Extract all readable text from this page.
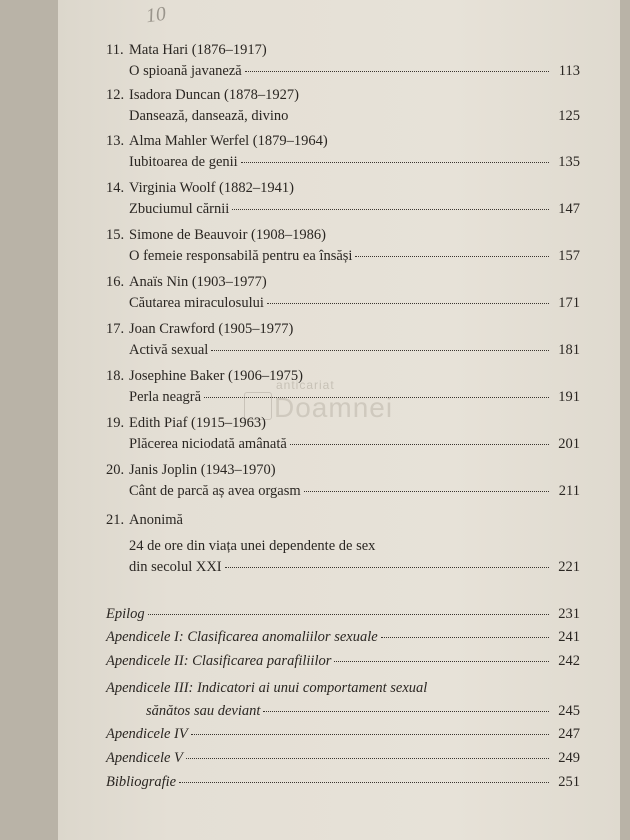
10
anticariat
Doamnei
11. Mata Hari (1876–1917)
O spioană javaneză	113
12. Isadora Duncan (1878–1927)
Dansează, dansează, divino	125
13. Alma Mahler Werfel (1879–1964)
Iubitoarea de genii	135
14. Virginia Woolf (1882–1941)
Zbuciumul cărnii	147
15. Simone de Beauvoir (1908–1986)
O femeie responsabilă pentru ea însăși	157
16. Anaïs Nin (1903–1977)
Căutarea miraculosului	171
17. Joan Crawford (1905–1977)
Activă sexual	181
18. Josephine Baker (1906–1975)
Perla neagră	191
19. Edith Piaf (1915–1963)
Plăcerea niciodată amânată	201
20. Janis Joplin (1943–1970)
Cânt de parcă aș avea orgasm	211
21. Anonimă
24 de ore din viața unei dependente de sex
din secolul XXI	221
Epilog	231
Apendicele I: Clasificarea anomaliilor sexuale	241
Apendicele II: Clasificarea parafiliilor	242
Apendicele III: Indicatori ai unui comportament sexual
sănătos sau deviant	245
Apendicele IV	247
Apendicele V	249
Bibliografie	251
